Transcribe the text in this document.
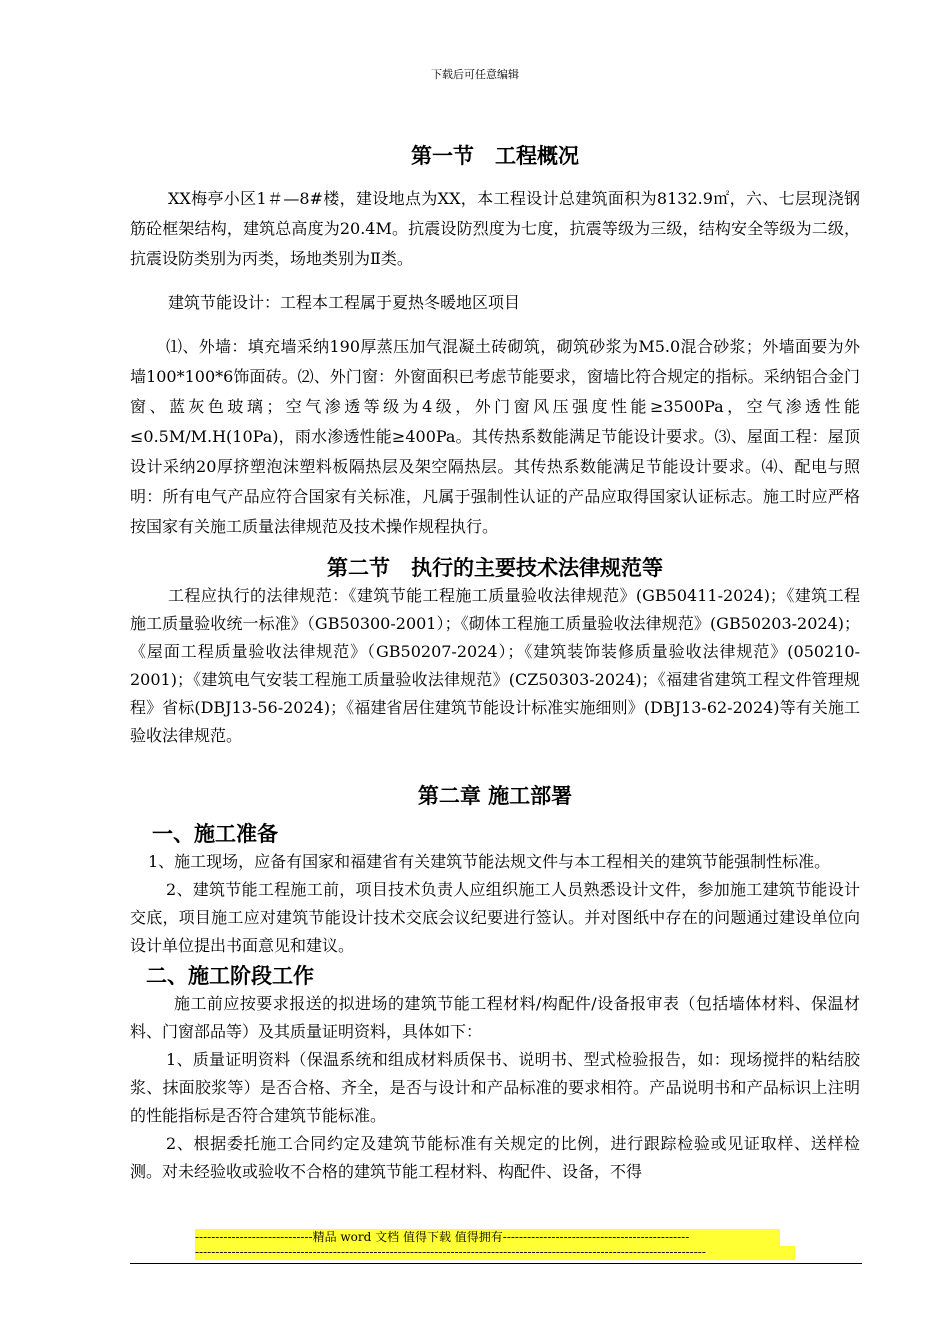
下载后可任意编辑
第一节　工程概况

XX梅亭小区1＃—8#楼，建设地点为XX，本工程设计总建筑面积为8132.9㎡，六、七层现浇钢筋砼框架结构，建筑总高度为20.4M。抗震设防烈度为七度，抗震等级为三级，结构安全等级为二级，抗震设防类别为丙类，场地类别为Ⅱ类。

建筑节能设计：工程本工程属于夏热冬暖地区项目

⑴、外墙：填充墙采纳190厚蒸压加气混凝土砖砌筑，砌筑砂浆为M5.0混合砂浆；外墙面要为外墙100*100*6饰面砖。⑵、外门窗：外窗面积已考虑节能要求，窗墙比符合规定的指标。采纳铝合金门窗、蓝灰色玻璃；空气渗透等级为4级，外门窗风压强度性能≥3500Pa，空气渗透性能≤0.5M/M.H(10Pa)，雨水渗透性能≥400Pa。其传热系数能满足节能设计要求。⑶、屋面工程：屋顶设计采纳20厚挤塑泡沫塑料板隔热层及架空隔热层。其传热系数能满足节能设计要求。⑷、配电与照明：所有电气产品应符合国家有关标准，凡属于强制性认证的产品应取得国家认证标志。施工时应严格按国家有关施工质量法律规范及技术操作规程执行。

第二节　执行的主要技术法律规范等

工程应执行的法律规范：《建筑节能工程施工质量验收法律规范》(GB50411-2024)；《建筑工程施工质量验收统一标准》（GB50300-2001）；《砌体工程施工质量验收法律规范》(GB50203-2024)；《屋面工程质量验收法律规范》（GB50207-2024）；《建筑装饰装修质量验收法律规范》(050210-2001)；《建筑电气安装工程施工质量验收法律规范》(CZ50303-2024)；《福建省建筑工程文件管理规程》省标(DBJ13-56-2024)；《福建省居住建筑节能设计标准实施细则》(DBJ13-62-2024)等有关施工验收法律规范。

第二章 施工部署
一、施工准备

1、施工现场，应备有国家和福建省有关建筑节能法规文件与本工程相关的建筑节能强制性标准。

2、建筑节能工程施工前，项目技术负责人应组织施工人员熟悉设计文件，参加施工建筑节能设计交底，项目施工应对建筑节能设计技术交底会议纪要进行签认。并对图纸中存在的问题通过建设单位向设计单位提出书面意见和建议。

二、施工阶段工作

施工前应按要求报送的拟进场的建筑节能工程材料/构配件/设备报审表（包括墙体材料、保温材料、门窗部品等）及其质量证明资料，具体如下：

1、质量证明资料（保温系统和组成材料质保书、说明书、型式检验报告，如：现场搅拌的粘结胶浆、抹面胶浆等）是否合格、齐全，是否与设计和产品标准的要求相符。产品说明书和产品标识上注明的性能指标是否符合建筑节能标准。

2、根据委托施工合同约定及建筑节能标准有关规定的比例，进行跟踪检验或见证取样、送样检测。对未经验收或验收不合格的建筑节能工程材料、构配件、设备，不得

-----------------------------精品 word 文档 值得下载 值得拥有----------------------------------------------
------------------------------------------------------------------------------------------------------------------------------
